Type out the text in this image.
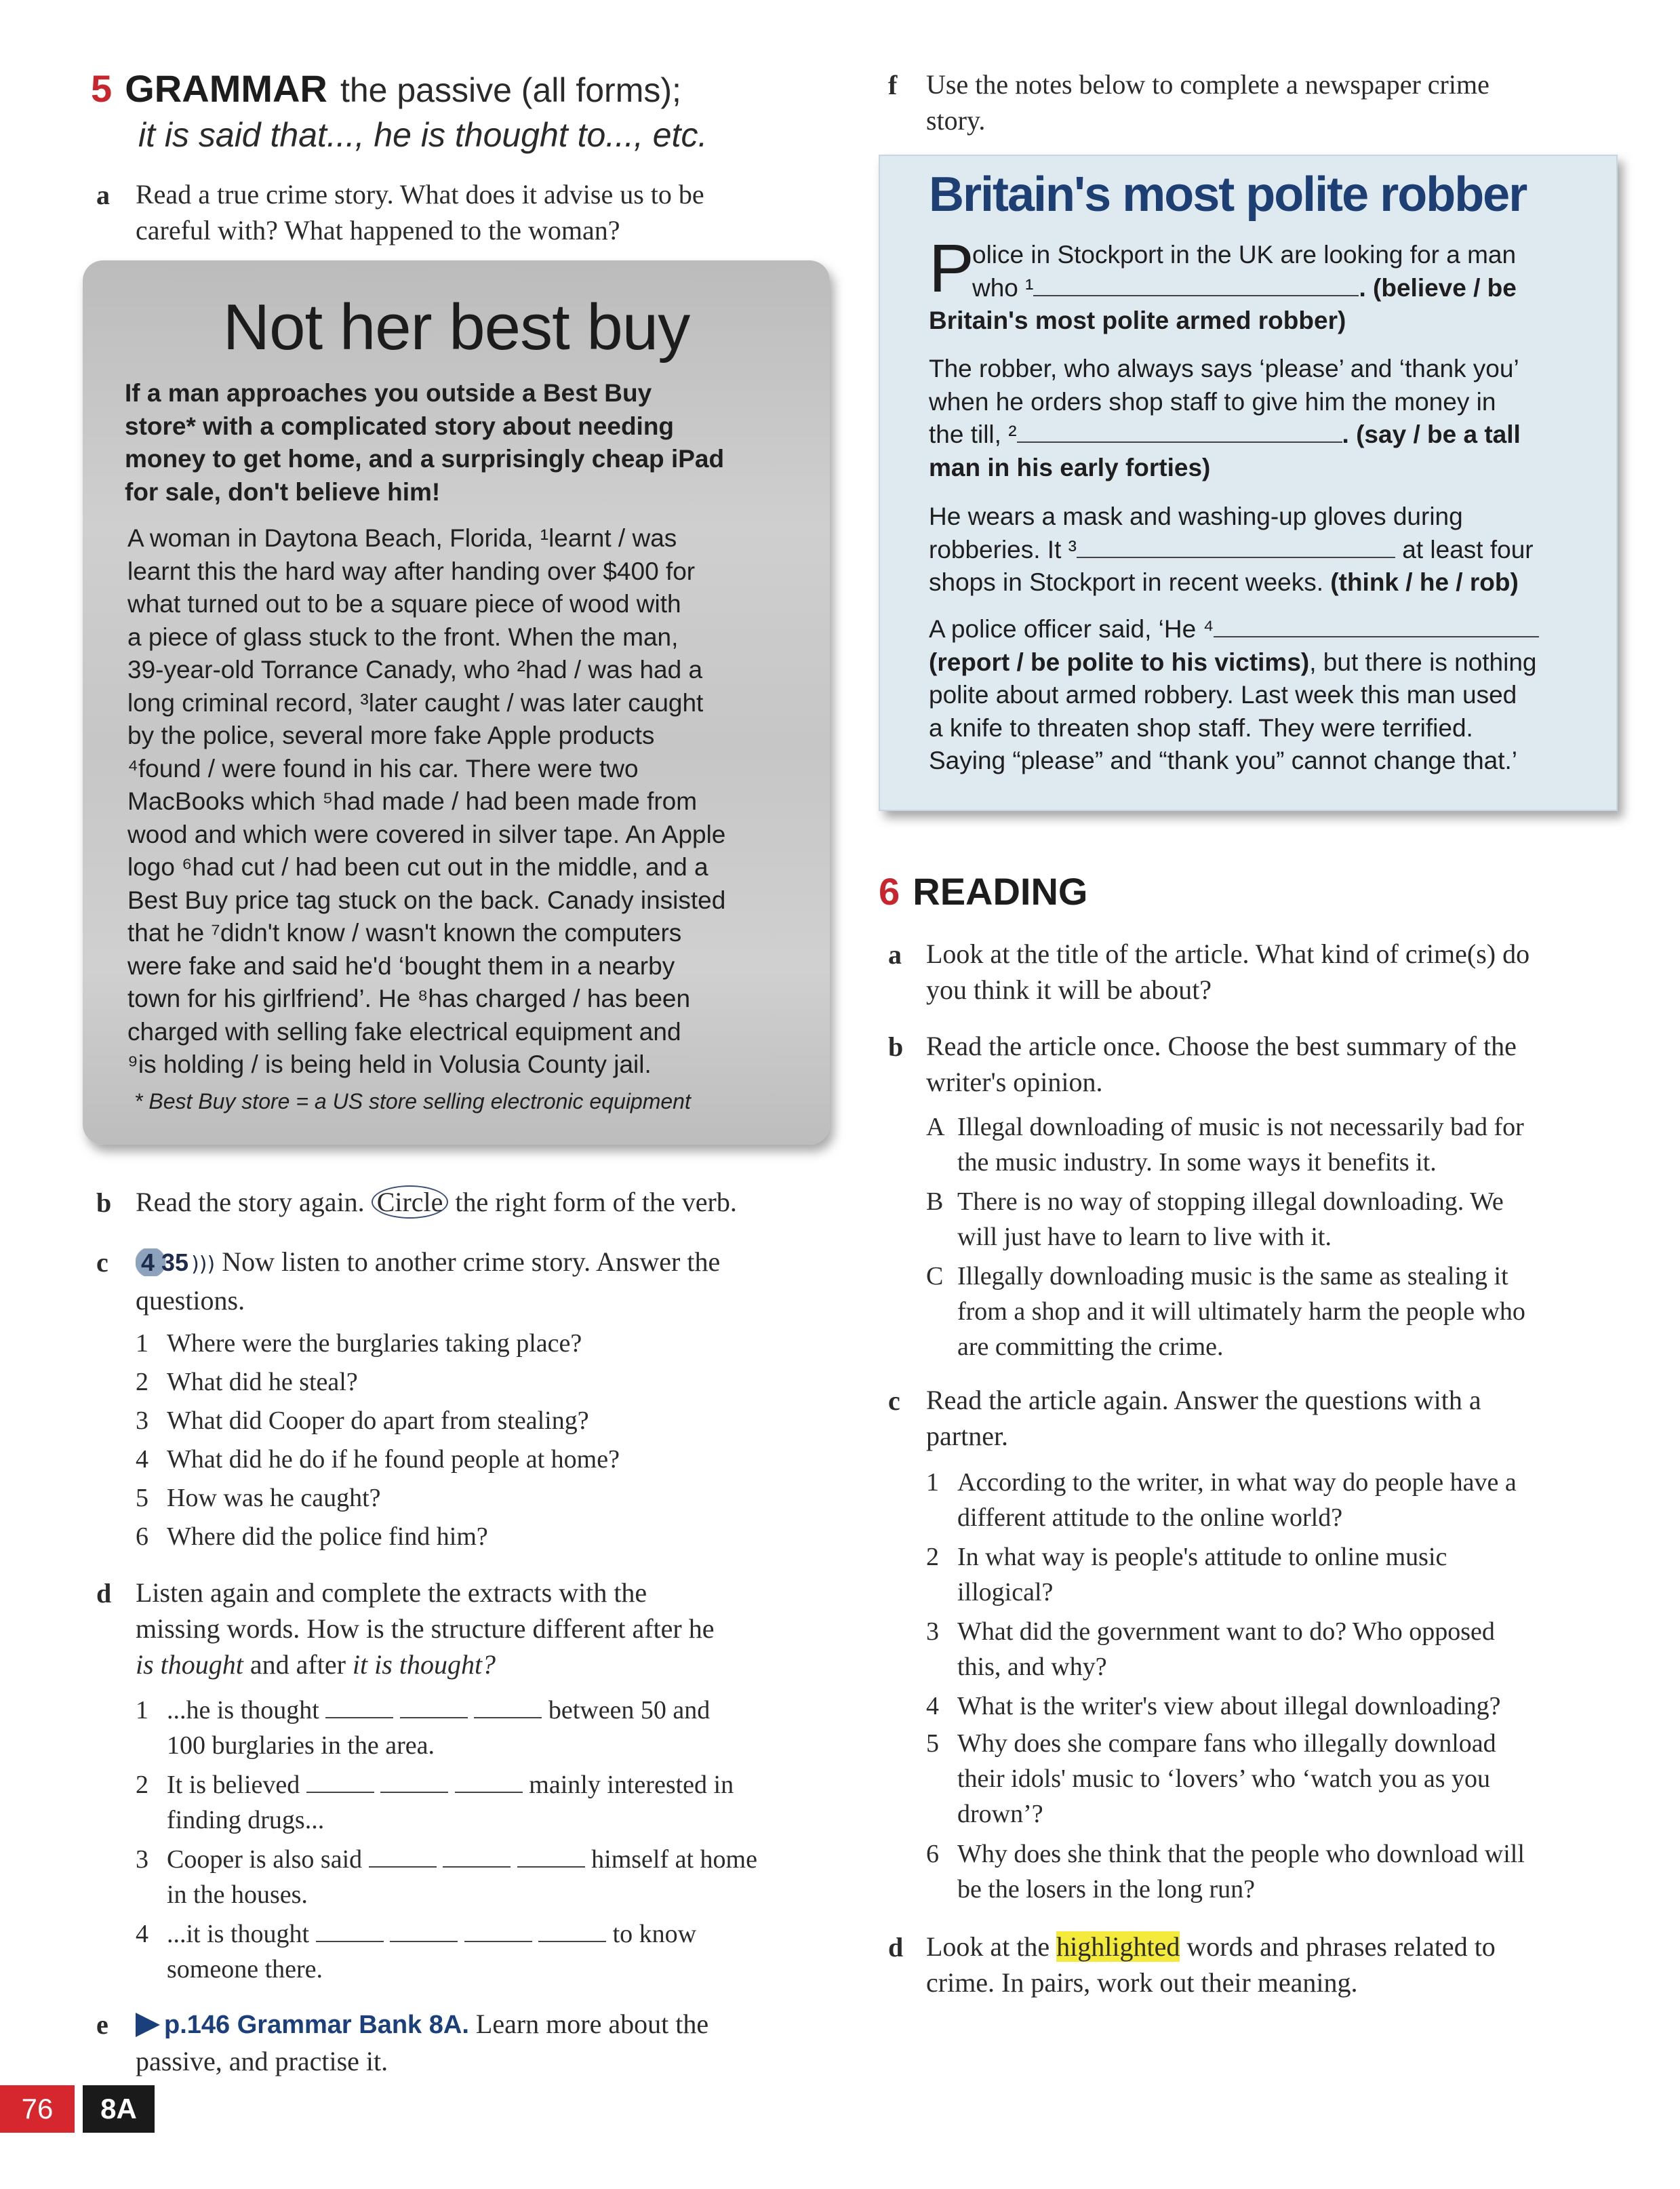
5 GRAMMAR the passive (all forms);
it is said that..., he is thought to..., etc.
a Read a true crime story. What does it advise us to be
careful with? What happened to the woman?
Not her best buy
If a man approaches you outside a Best Buy
store* with a complicated story about needing
money to get home, and a surprisingly cheap iPad
for sale, don't believe him!
A woman in Daytona Beach, Florida, ¹learnt / was
learnt this the hard way after handing over $400 for
what turned out to be a square piece of wood with
a piece of glass stuck to the front. When the man,
39-year-old Torrance Canady, who ²had / was had a
long criminal record, ³later caught / was later caught
by the police, several more fake Apple products
⁴found / were found in his car. There were two
MacBooks which ⁵had made / had been made from
wood and which were covered in silver tape. An Apple
logo ⁶had cut / had been cut out in the middle, and a
Best Buy price tag stuck on the back. Canady insisted
that he ⁷didn't know / wasn't known the computers
were fake and said he'd ‘bought them in a nearby
town for his girlfriend’. He ⁸has charged / has been
charged with selling fake electrical equipment and
⁹is holding / is being held in Volusia County jail.
* Best Buy store = a US store selling electronic equipment
b Read the story again. Circle the right form of the verb.
c 4 35 ))) Now listen to another crime story. Answer the
questions.
1 Where were the burglaries taking place?
2 What did he steal?
3 What did Cooper do apart from stealing?
4 What did he do if he found people at home?
5 How was he caught?
6 Where did the police find him?
d Listen again and complete the extracts with the
missing words. How is the structure different after he
is thought and after it is thought?
1 ...he is thought	between 50 and
100 burglaries in the area.
2 It is believed	mainly interested in
finding drugs...
3 Cooper is also said	himself at home
in the houses.
4 ...it is thought	to know
someone there.
e	p.146 Grammar Bank 8A. Learn more about the
passive, and practise it.
76	8A
f Use the notes below to complete a newspaper crime
story.
Britain's most polite robber
P
olice in Stockport in the UK are looking for a man
who ¹	. (believe / be
Britain's most polite armed robber)
The robber, who always says ‘please’ and ‘thank you’
when he orders shop staff to give him the money in
the till, ²	. (say / be a tall
man in his early forties)
He wears a mask and washing-up gloves during
robberies. It ³	at least four
shops in Stockport in recent weeks. (think / he / rob)
A police officer said, ‘He ⁴
(report / be polite to his victims), but there is nothing
polite about armed robbery. Last week this man used
a knife to threaten shop staff. They were terrified.
Saying “please” and “thank you” cannot change that.’
6 READING
a Look at the title of the article. What kind of crime(s) do
you think it will be about?
b Read the article once. Choose the best summary of the
writer's opinion.
A Illegal downloading of music is not necessarily bad for
the music industry. In some ways it benefits it.
B There is no way of stopping illegal downloading. We
will just have to learn to live with it.
C Illegally downloading music is the same as stealing it
from a shop and it will ultimately harm the people who
are committing the crime.
c Read the article again. Answer the questions with a
partner.
1 According to the writer, in what way do people have a
different attitude to the online world?
2 In what way is people's attitude to online music
illogical?
3 What did the government want to do? Who opposed
this, and why?
4 What is the writer's view about illegal downloading?
5 Why does she compare fans who illegally download
their idols' music to ‘lovers’ who ‘watch you as you
drown’?
6 Why does she think that the people who download will
be the losers in the long run?
d Look at the highlighted words and phrases related to
crime. In pairs, work out their meaning.
